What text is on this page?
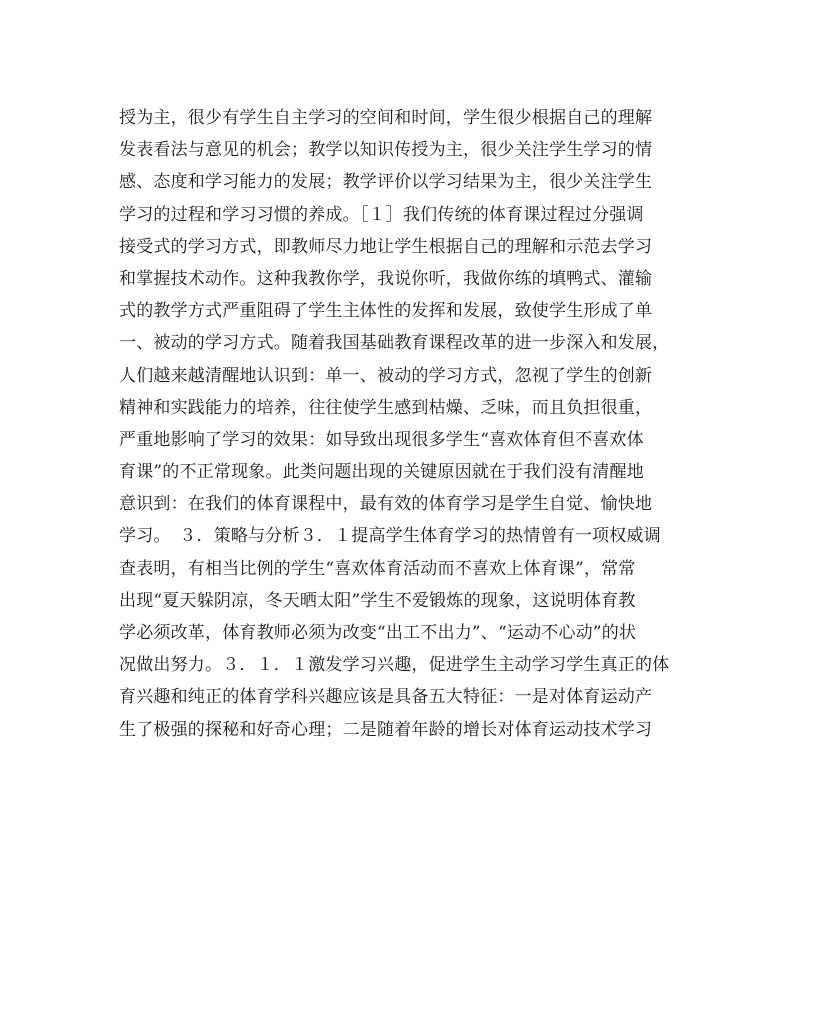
授为主，很少有学生自主学习的空间和时间，学生很少根据自己的理解
发表看法与意见的机会；教学以知识传授为主，很少关注学生学习的情
感、态度和学习能力的发展；教学评价以学习结果为主，很少关注学生
学习的过程和学习习惯的养成。［１］我们传统的体育课过程过分强调
接受式的学习方式，即教师尽力地让学生根据自己的理解和示范去学习
和掌握技术动作。这种我教你学，我说你听，我做你练的填鸭式、灌输
式的教学方式严重阻碍了学生主体性的发挥和发展，致使学生形成了单
一、被动的学习方式。随着我国基础教育课程改革的进一步深入和发展，
人们越来越清醒地认识到：单一、被动的学习方式，忽视了学生的创新
精神和实践能力的培养，往往使学生感到枯燥、乏味，而且负担很重，
严重地影响了学习的效果：如导致出现很多学生“喜欢体育但不喜欢体
育课”的不正常现象。此类问题出现的关键原因就在于我们没有清醒地
意识到：在我们的体育课程中，最有效的体育学习是学生自觉、愉快地
学习。　３．策略与分析３．１提高学生体育学习的热情曾有一项权威调
查表明，有相当比例的学生“喜欢体育活动而不喜欢上体育课”，常常
出现“夏天躲阴凉，冬天晒太阳”学生不爱锻炼的现象，这说明体育教
学必须改革，体育教师必须为改变“出工不出力”、“运动不心动”的状
况做出努力。３．１．１激发学习兴趣，促进学生主动学习学生真正的体
育兴趣和纯正的体育学科兴趣应该是具备五大特征：一是对体育运动产
生了极强的探秘和好奇心理；二是随着年龄的增长对体育运动技术学习
